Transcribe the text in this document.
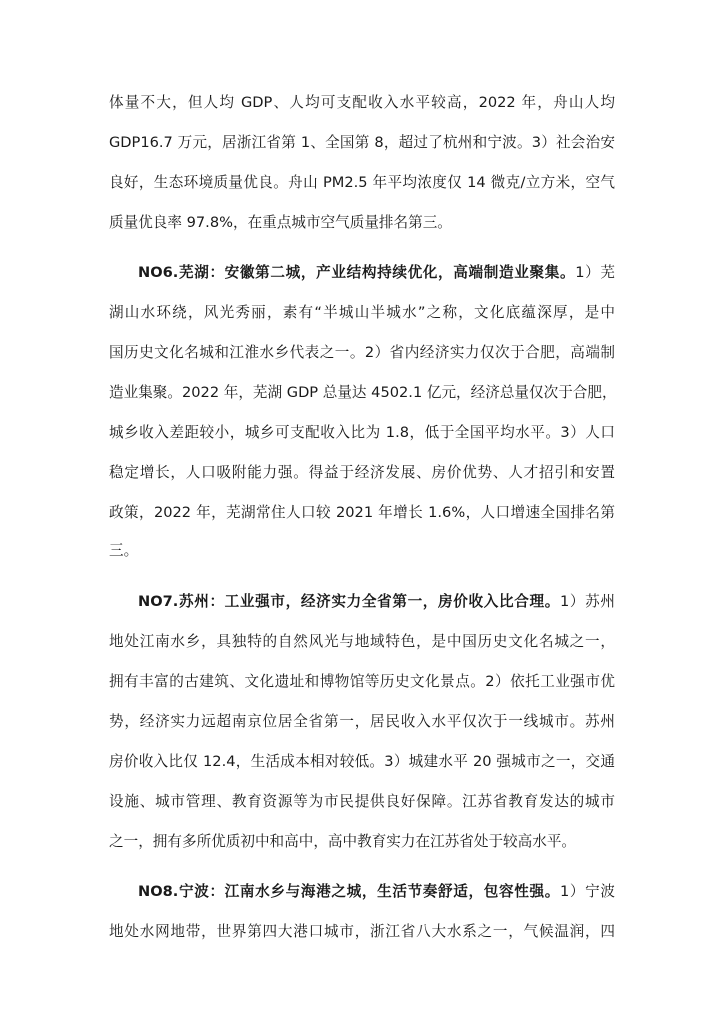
体量不大，但人均 GDP、人均可支配收入水平较高，2022 年，舟山人均
GDP16.7 万元，居浙江省第 1、全国第 8，超过了杭州和宁波。3）社会治安
良好，生态环境质量优良。舟山 PM2.5 年平均浓度仅 14 微克/立方米，空气
质量优良率 97.8%，在重点城市空气质量排名第三。
NO6.芜湖：安徽第二城，产业结构持续优化，高端制造业聚集。1）芜
湖山水环绕，风光秀丽，素有“半城山半城水”之称，文化底蕴深厚，是中
国历史文化名城和江淮水乡代表之一。2）省内经济实力仅次于合肥，高端制
造业集聚。2022 年，芜湖 GDP 总量达 4502.1 亿元，经济总量仅次于合肥，
城乡收入差距较小，城乡可支配收入比为 1.8，低于全国平均水平。3）人口
稳定增长，人口吸附能力强。得益于经济发展、房价优势、人才招引和安置
政策，2022 年，芜湖常住人口较 2021 年增长 1.6%，人口增速全国排名第
三。
NO7.苏州：工业强市，经济实力全省第一，房价收入比合理。1）苏州
地处江南水乡，具独特的自然风光与地域特色，是中国历史文化名城之一，
拥有丰富的古建筑、文化遗址和博物馆等历史文化景点。2）依托工业强市优
势，经济实力远超南京位居全省第一，居民收入水平仅次于一线城市。苏州
房价收入比仅 12.4，生活成本相对较低。3）城建水平 20 强城市之一，交通
设施、城市管理、教育资源等为市民提供良好保障。江苏省教育发达的城市
之一，拥有多所优质初中和高中，高中教育实力在江苏省处于较高水平。
NO8.宁波：江南水乡与海港之城，生活节奏舒适，包容性强。1）宁波
地处水网地带，世界第四大港口城市，浙江省八大水系之一，气候温润，四
